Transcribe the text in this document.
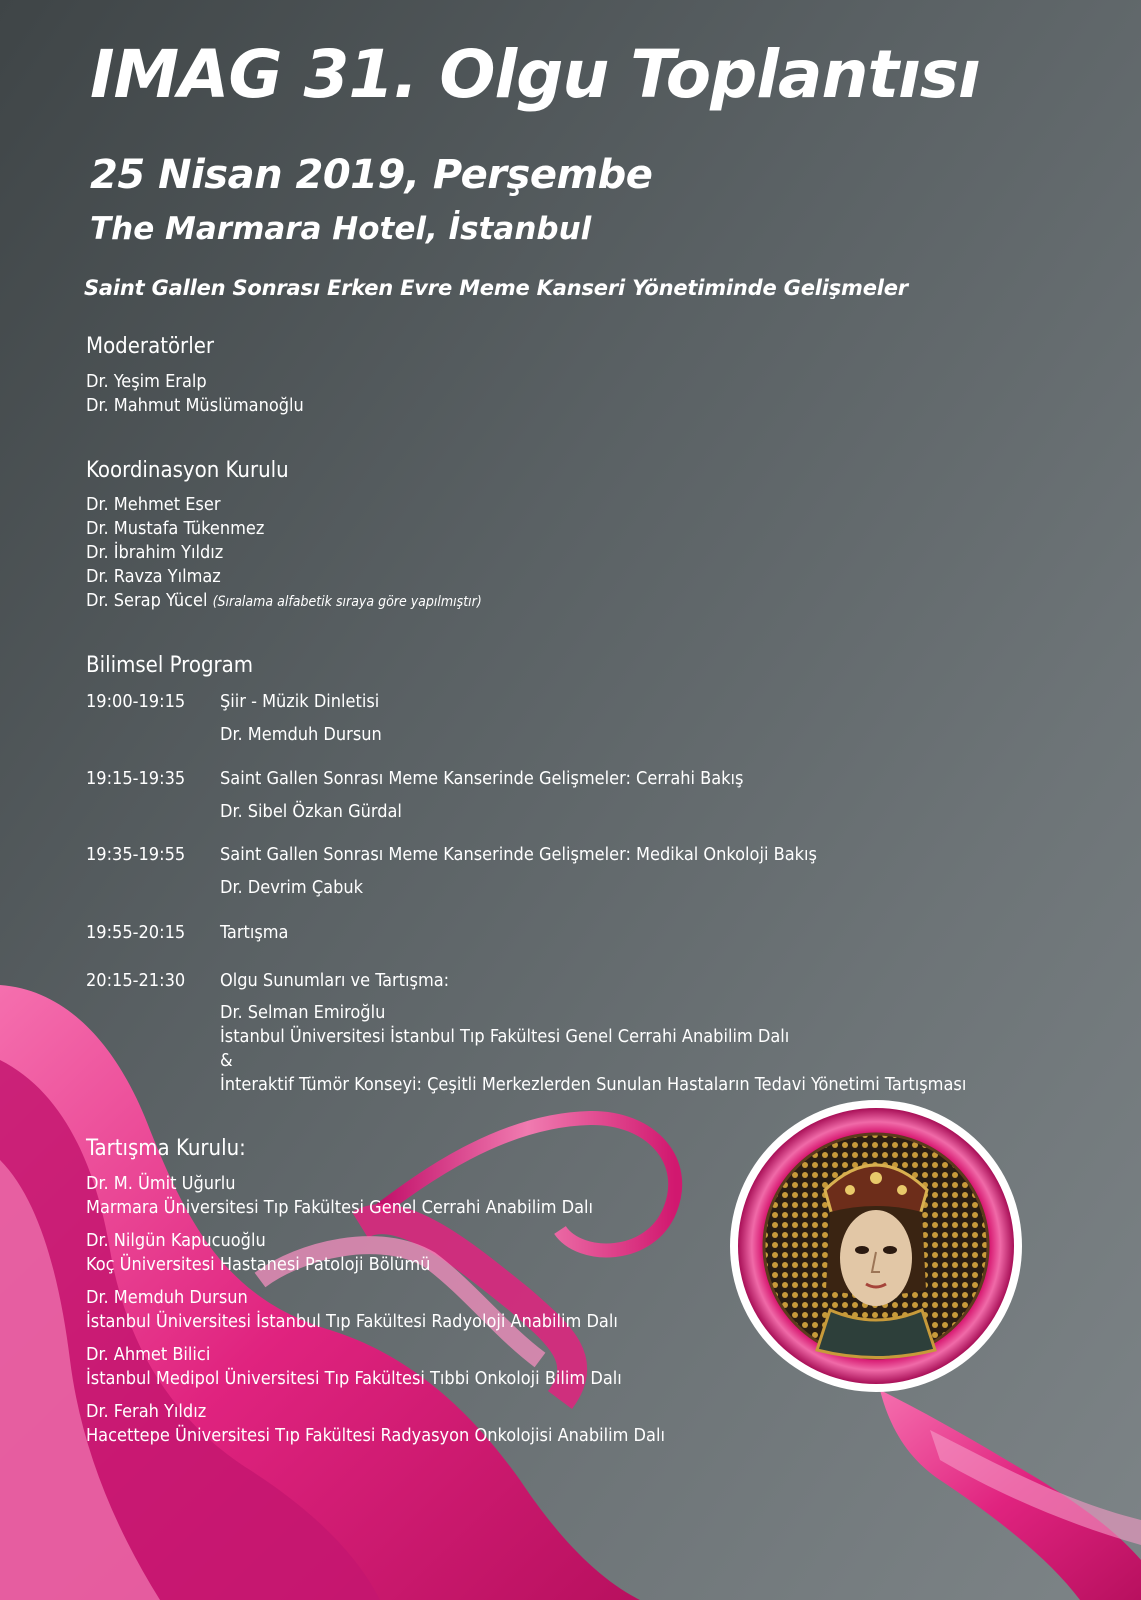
IMAG 31. Olgu Toplantısı
25 Nisan 2019, Perşembe
The Marmara Hotel, İstanbul
Saint Gallen Sonrası Erken Evre Meme Kanseri Yönetiminde Gelişmeler
Moderatörler
Dr. Yeşim Eralp
Dr. Mahmut Müslümanoğlu
Koordinasyon Kurulu
Dr. Mehmet Eser
Dr. Mustafa Tükenmez
Dr. İbrahim Yıldız
Dr. Ravza Yılmaz
Dr. Serap Yücel (Sıralama alfabetik sıraya göre yapılmıştır)
Bilimsel Program
19:00-19:15 Şiir - Müzik Dinletisi
Dr. Memduh Dursun
19:15-19:35 Saint Gallen Sonrası Meme Kanserinde Gelişmeler: Cerrahi Bakış
Dr. Sibel Özkan Gürdal
19:35-19:55 Saint Gallen Sonrası Meme Kanserinde Gelişmeler: Medikal Onkoloji Bakış
Dr. Devrim Çabuk
19:55-20:15 Tartışma
20:15-21:30 Olgu Sunumları ve Tartışma:
Dr. Selman Emiroğlu
İstanbul Üniversitesi İstanbul Tıp Fakültesi Genel Cerrahi Anabilim Dalı
&
İnteraktif Tümör Konseyi: Çeşitli Merkezlerden Sunulan Hastaların Tedavi Yönetimi Tartışması
Tartışma Kurulu:
Dr. M. Ümit Uğurlu
Marmara Üniversitesi Tıp Fakültesi Genel Cerrahi Anabilim Dalı
Dr. Nilgün Kapucuoğlu
Koç Üniversitesi Hastanesi Patoloji Bölümü
Dr. Memduh Dursun
İstanbul Üniversitesi İstanbul Tıp Fakültesi Radyoloji Anabilim Dalı
Dr. Ahmet Bilici
İstanbul Medipol Üniversitesi Tıp Fakültesi Tıbbi Onkoloji Bilim Dalı
Dr. Ferah Yıldız
Hacettepe Üniversitesi Tıp Fakültesi Radyasyon Onkolojisi Anabilim Dalı
